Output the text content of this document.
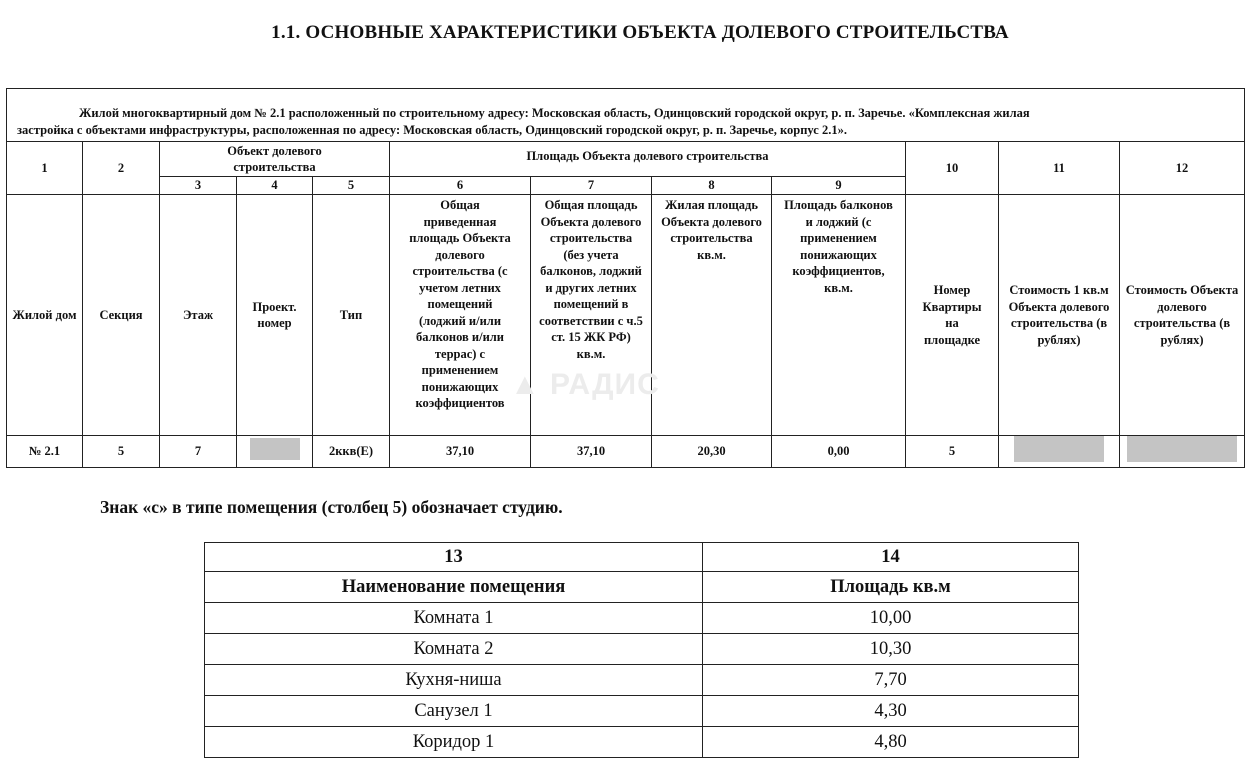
1.1. ОСНОВНЫЕ ХАРАКТЕРИСТИКИ ОБЪЕКТА ДОЛЕВОГО СТРОИТЕЛЬСТВА
Жилой многоквартирный дом № 2.1 расположенный по строительному адресу: Московская область, Одинцовский городской округ, р. п. Заречье. «Комплексная жилая
застройка с объектами инфраструктуры, расположенная по адресу: Московская область, Одинцовский городской округ, р. п. Заречье, корпус 2.1».											
1	2	Объект долевого строительства			Площадь Объекта долевого строительства				10	11	12
		3	4	5	6	7	8	9			
Жилой дом	Секция	Этаж	Проект. номер	Тип	Общая приведенная площадь Объекта долевого строительства (с учетом летних помещений (лоджий и/или балконов и/или террас) с применением понижающих коэффициентов	Общая площадь Объекта долевого строительства (без учета балконов, лоджий и других летних помещений в соответствии с ч.5 ст. 15 ЖК РФ) кв.м.	Жилая площадь Объекта долевого строительства кв.м.	Площадь балконов и лоджий (с применением понижающих коэффициентов, кв.м.	Номер Квартиры на площадке	Стоимость 1 кв.м Объекта долевого строительства (в рублях)	Стоимость Объекта долевого строительства (в рублях)
№ 2.1	5	7		2ккв(Е)	37,10	37,10	20,30	0,00	5		
▲ РАДИС
Знак «с» в типе помещения (столбец 5) обозначает студию.
13	14
Наименование помещения	Площадь кв.м
Комната 1	10,00
Комната 2	10,30
Кухня-ниша	7,70
Санузел 1	4,30
Коридор 1	4,80
